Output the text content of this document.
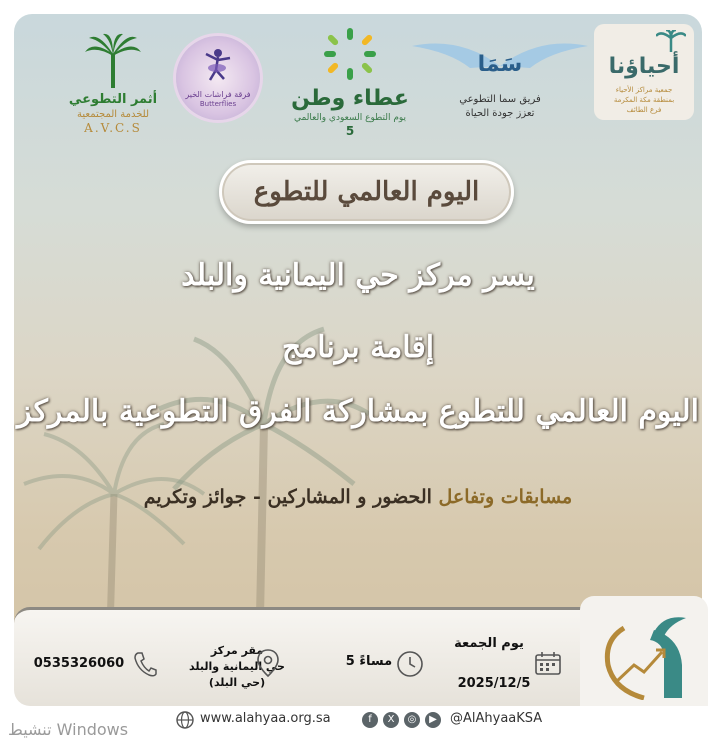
أثمر التطوعي
للخدمة المجتمعية
A.V.C.S
فرقة فراشات الخير
Butterflies	عطاء وطن
يوم التطوع السعودي والعالمي
5
سَمَا
فريق سما التطوعي
تعزز جودة الحياة
أحياؤنا
جمعية مراكز الأحياء
بمنطقة مكة المكرمة
فرع الطائف
اليوم العالمي للتطوع
يسر مركز حي اليمانية والبلد
إقامة برنامج
اليوم العالمي للتطوع بمشاركة الفرق التطوعية بالمركز
مسابقات وتفاعل الحضور و المشاركين - جوائز وتكريم
يوم الجمعة
2025/12/5
5 مساءً
مقر مركز
حي اليمانية والبلد
(حي البلد)
0535326060
تنشيط Windows
www.alahyaa.org.sa	f	X	◎	▶	@AlAhyaaKSA
